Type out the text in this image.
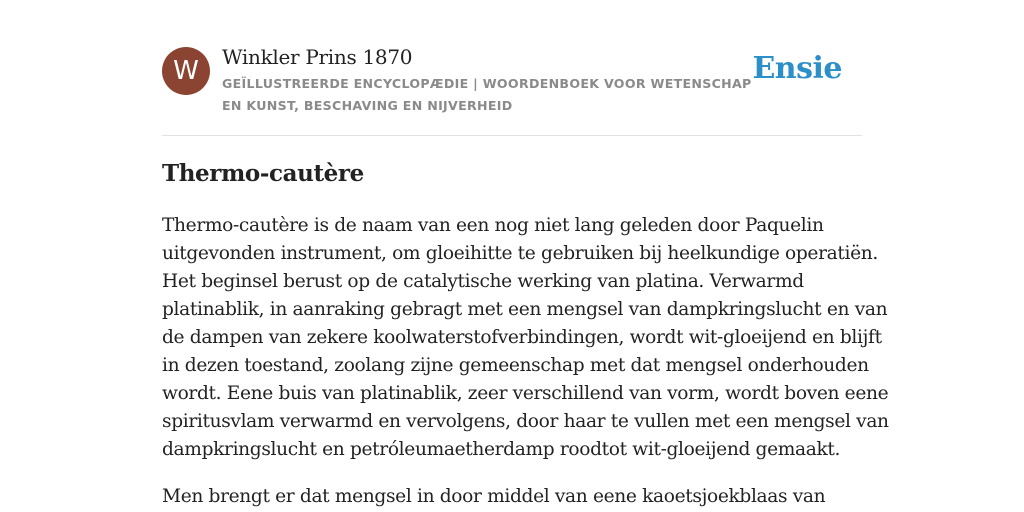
W	Winkler Prins 1870
GEÏLLUSTREERDE ENCYCLOPÆDIE | WOORDENBOEK VOOR WETENSCHAP EN KUNST, BESCHAVING EN NIJVERHEID
Ensie
Thermo-cautère

Thermo-cautère is de naam van een nog niet lang geleden door Paquelin
uitgevonden instrument, om gloeihitte te gebruiken bij heelkundige operatiën.
Het beginsel berust op de catalytische werking van platina. Verwarmd
platinablik, in aanraking gebragt met een mengsel van dampkringslucht en van
de dampen van zekere koolwaterstofverbindingen, wordt wit-gloeijend en blijft
in dezen toestand, zoolang zijne gemeenschap met dat mengsel onderhouden
wordt. Eene buis van platinablik, zeer verschillend van vorm, wordt boven eene
spiritusvlam verwarmd en vervolgens, door haar te vullen met een mengsel van
dampkringslucht en petróleumaetherdamp roodtot wit-gloeijend gemaakt.

Men brengt er dat mengsel in door middel van eene kaoetsjoekblaas van
